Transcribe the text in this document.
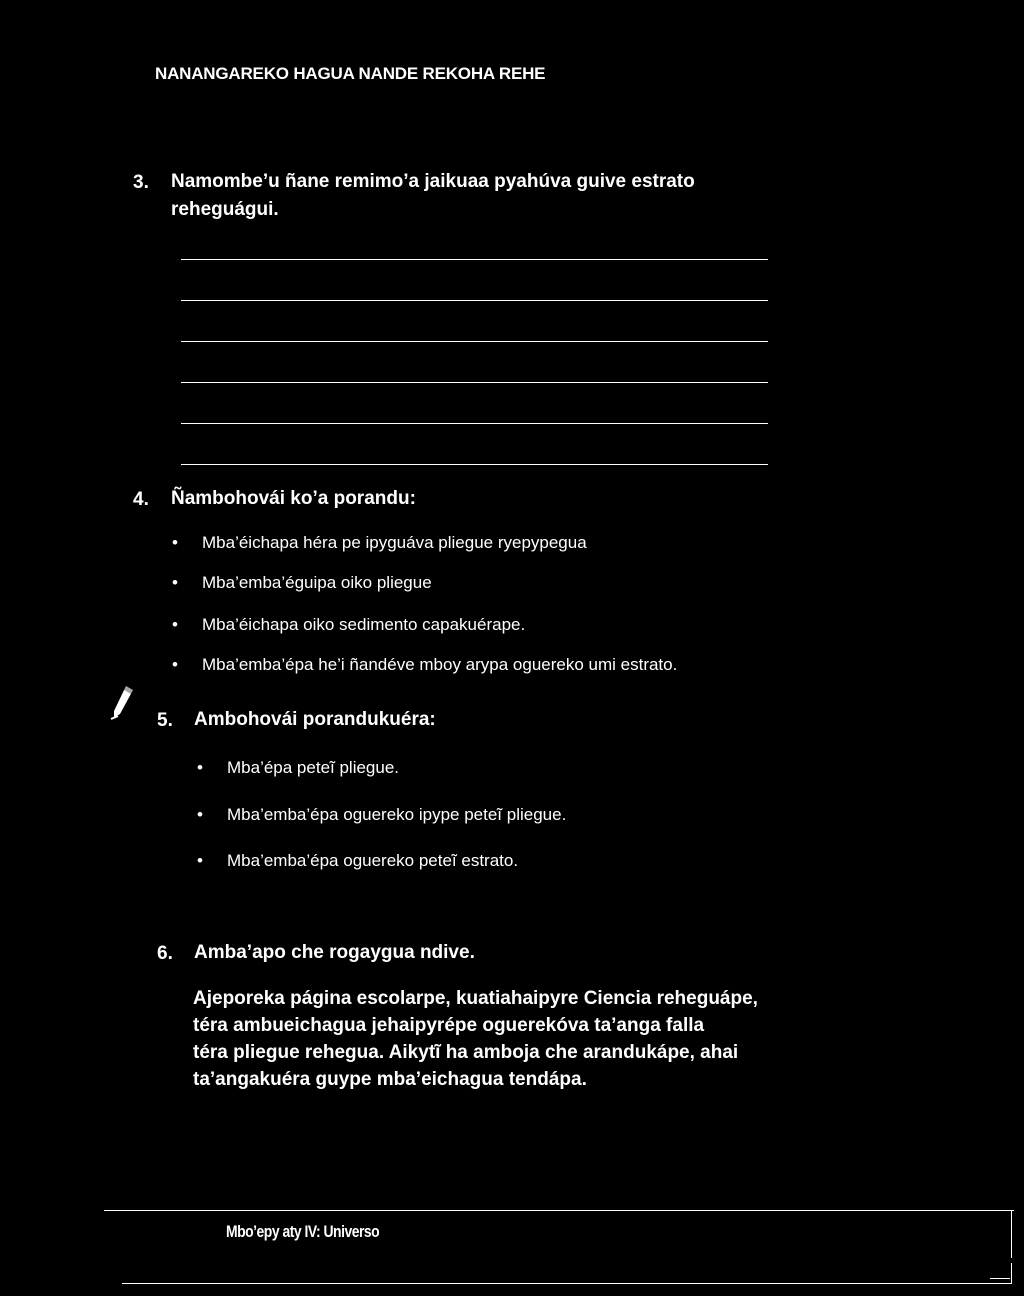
NANANGAREKO HAGUA NANDE REKOHA REHE
3. Namombe’u ñane remimo’a jaikuaa pyahúva guive estrato
reheguágui.
4. Ñambohovái ko’a porandu:
• Mba’éichapa héra pe ipyguáva pliegue ryepypegua
• Mba’emba’éguipa oiko pliegue
• Mba’éichapa oiko sedimento capakuérape.
• Mba’emba’épa he’i ñandéve mboy arypa oguereko umi estrato.
5. Ambohovái porandukuéra:
• Mba’épa peteĩ pliegue.
• Mba’emba’épa oguereko ipype peteĩ pliegue.
• Mba’emba’épa oguereko peteĩ estrato.
6. Amba’apo che rogaygua ndive.
Ajeporeka página escolarpe, kuatiahaipyre Ciencia reheguápe,
téra ambueichagua jehaipyrépe oguerekóva ta’anga falla
téra pliegue rehegua. Aikytĩ ha amboja che arandukápe, ahai
ta’angakuéra guype mba’eichagua tendápa.
Mbo’epy aty IV: Universo
